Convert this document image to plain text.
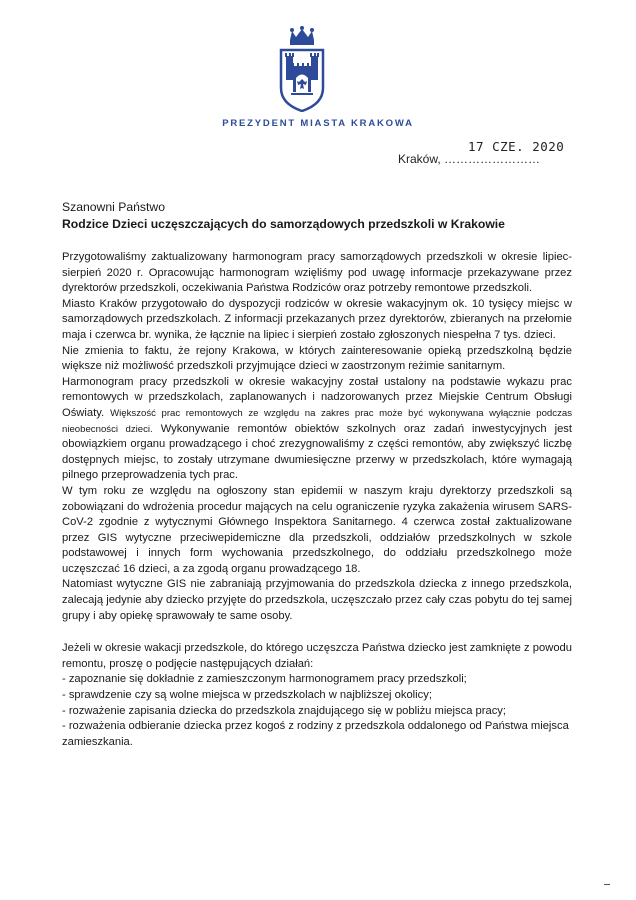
PREZYDENT MIASTA KRAKOWA
17 CZE. 2020
Kraków, ……………………
Szanowni Państwo
Rodzice Dzieci uczęszczających do samorządowych przedszkoli w Krakowie

Przygotowaliśmy zaktualizowany harmonogram pracy samorządowych przedszkoli w okresie lipiec-sierpień 2020 r. Opracowując harmonogram wzięliśmy pod uwagę informacje przekazywane przez dyrektorów przedszkoli, oczekiwania Państwa Rodziców oraz potrzeby remontowe przedszkoli.

Miasto Kraków przygotowało do dyspozycji rodziców w okresie wakacyjnym ok. 10 tysięcy miejsc w samorządowych przedszkolach. Z informacji przekazanych przez dyrektorów, zbieranych na przełomie maja i czerwca br. wynika, że łącznie na lipiec i sierpień zostało zgłoszonych niespełna 7 tys. dzieci.

Nie zmienia to faktu, że rejony Krakowa, w których zainteresowanie opieką przedszkolną będzie większe niż możliwość przedszkoli przyjmujące dzieci w zaostrzonym reżimie sanitarnym.

Harmonogram pracy przedszkoli w okresie wakacyjny został ustalony na podstawie wykazu prac remontowych w przedszkolach, zaplanowanych i nadzorowanych przez Miejskie Centrum Obsługi Oświaty. Większość prac remontowych ze względu na zakres prac może być wykonywana wyłącznie podczas nieobecności dzieci. Wykonywanie remontów obiektów szkolnych oraz zadań inwestycyjnych jest obowiązkiem organu prowadzącego i choć zrezygnowaliśmy z części remontów, aby zwiększyć liczbę dostępnych miejsc, to zostały utrzymane dwumiesięczne przerwy w przedszkolach, które wymagają pilnego przeprowadzenia tych prac.

W tym roku ze względu na ogłoszony stan epidemii w naszym kraju dyrektorzy przedszkoli są zobowiązani do wdrożenia procedur mających na celu ograniczenie ryzyka zakażenia wirusem SARS-CoV-2 zgodnie z wytycznymi Głównego Inspektora Sanitarnego. 4 czerwca został zaktualizowane przez GIS wytyczne przeciwepidemiczne dla przedszkoli, oddziałów przedszkolnych w szkole podstawowej i innych form wychowania przedszkolnego, do oddziału przedszkolnego może uczęszczać 16 dzieci, a za zgodą organu prowadzącego 18.

Natomiast wytyczne GIS nie zabraniają przyjmowania do przedszkola dziecka z innego przedszkola, zalecają jedynie aby dziecko przyjęte do przedszkola, uczęszczało przez cały czas pobytu do tej samej grupy i aby opiekę sprawowały te same osoby.

Jeżeli w okresie wakacji przedszkole, do którego uczęszcza Państwa dziecko jest zamknięte z powodu remontu, proszę o podjęcie następujących działań:

- zapoznanie się dokładnie z zamieszczonym harmonogramem pracy przedszkoli;

- sprawdzenie czy są wolne miejsca w przedszkolach w najbliższej okolicy;

- rozważenie zapisania dziecka do przedszkola znajdującego się w pobliżu miejsca pracy;

- rozważenia odbieranie dziecka przez kogoś z rodziny z przedszkola oddalonego od Państwa miejsca zamieszkania.
